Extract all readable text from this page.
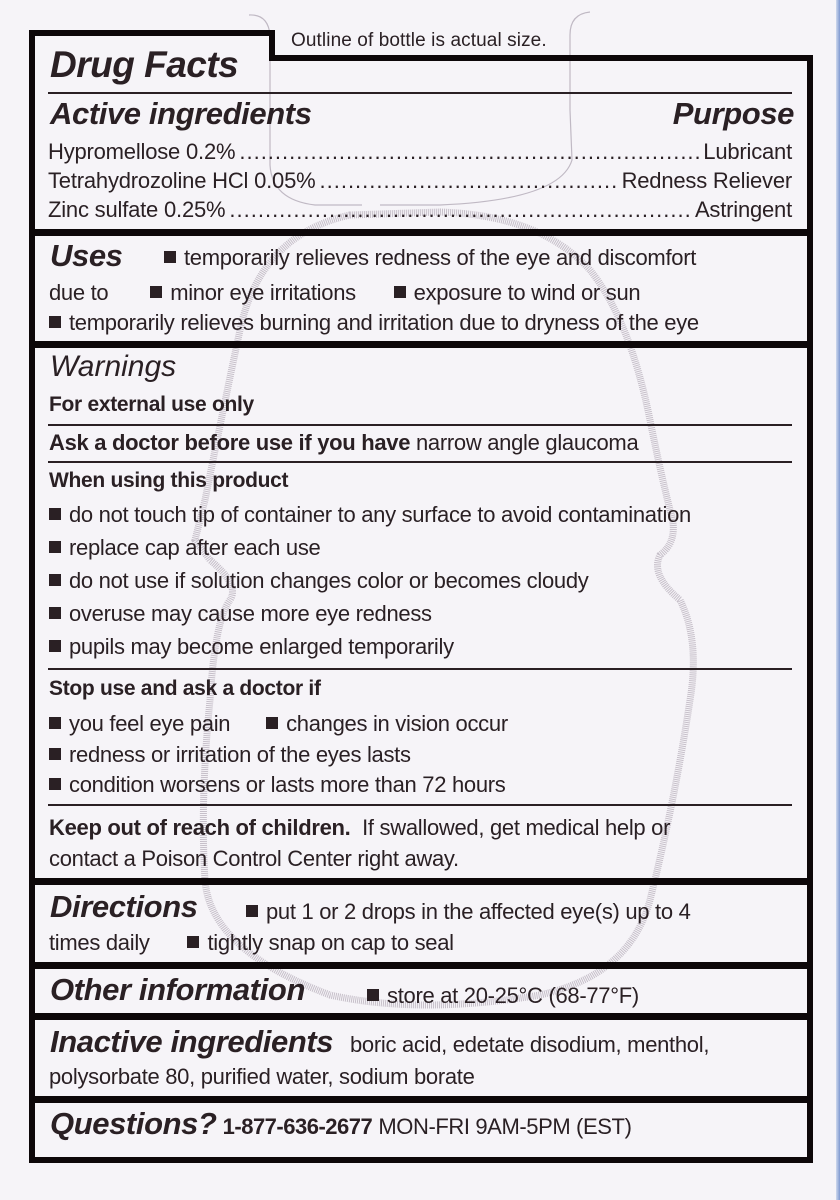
Outline of bottle is actual size.
Drug Facts
Active ingredients	Purpose
Hypromellose 0.2% .....	Lubricant
Tetrahydrozoline HCl 0.05% .....	Redness Reliever
Zinc sulfate 0.25% .....	Astringent
Uses	temporarily relieves redness of the eye and discomfort
due to	minor eye irritations	exposure to wind or sun
temporarily relieves burning and irritation due to dryness of the eye
Warnings
For external use only
Ask a doctor before use if you have narrow angle glaucoma
When using this product
do not touch tip of container to any surface to avoid contamination
replace cap after each use
do not use if solution changes color or becomes cloudy
overuse may cause more eye redness
pupils may become enlarged temporarily
Stop use and ask a doctor if
you feel eye pain	changes in vision occur
redness or irritation of the eyes lasts
condition worsens or lasts more than 72 hours
Keep out of reach of children. If swallowed, get medical help or
contact a Poison Control Center right away.
Directions	put 1 or 2 drops in the affected eye(s) up to 4
times daily	tightly snap on cap to seal
Other information	store at 20-25°C (68-77°F)
Inactive ingredients boric acid, edetate disodium, menthol,
polysorbate 80, purified water, sodium borate
Questions? 1-877-636-2677 MON-FRI 9AM-5PM (EST)
